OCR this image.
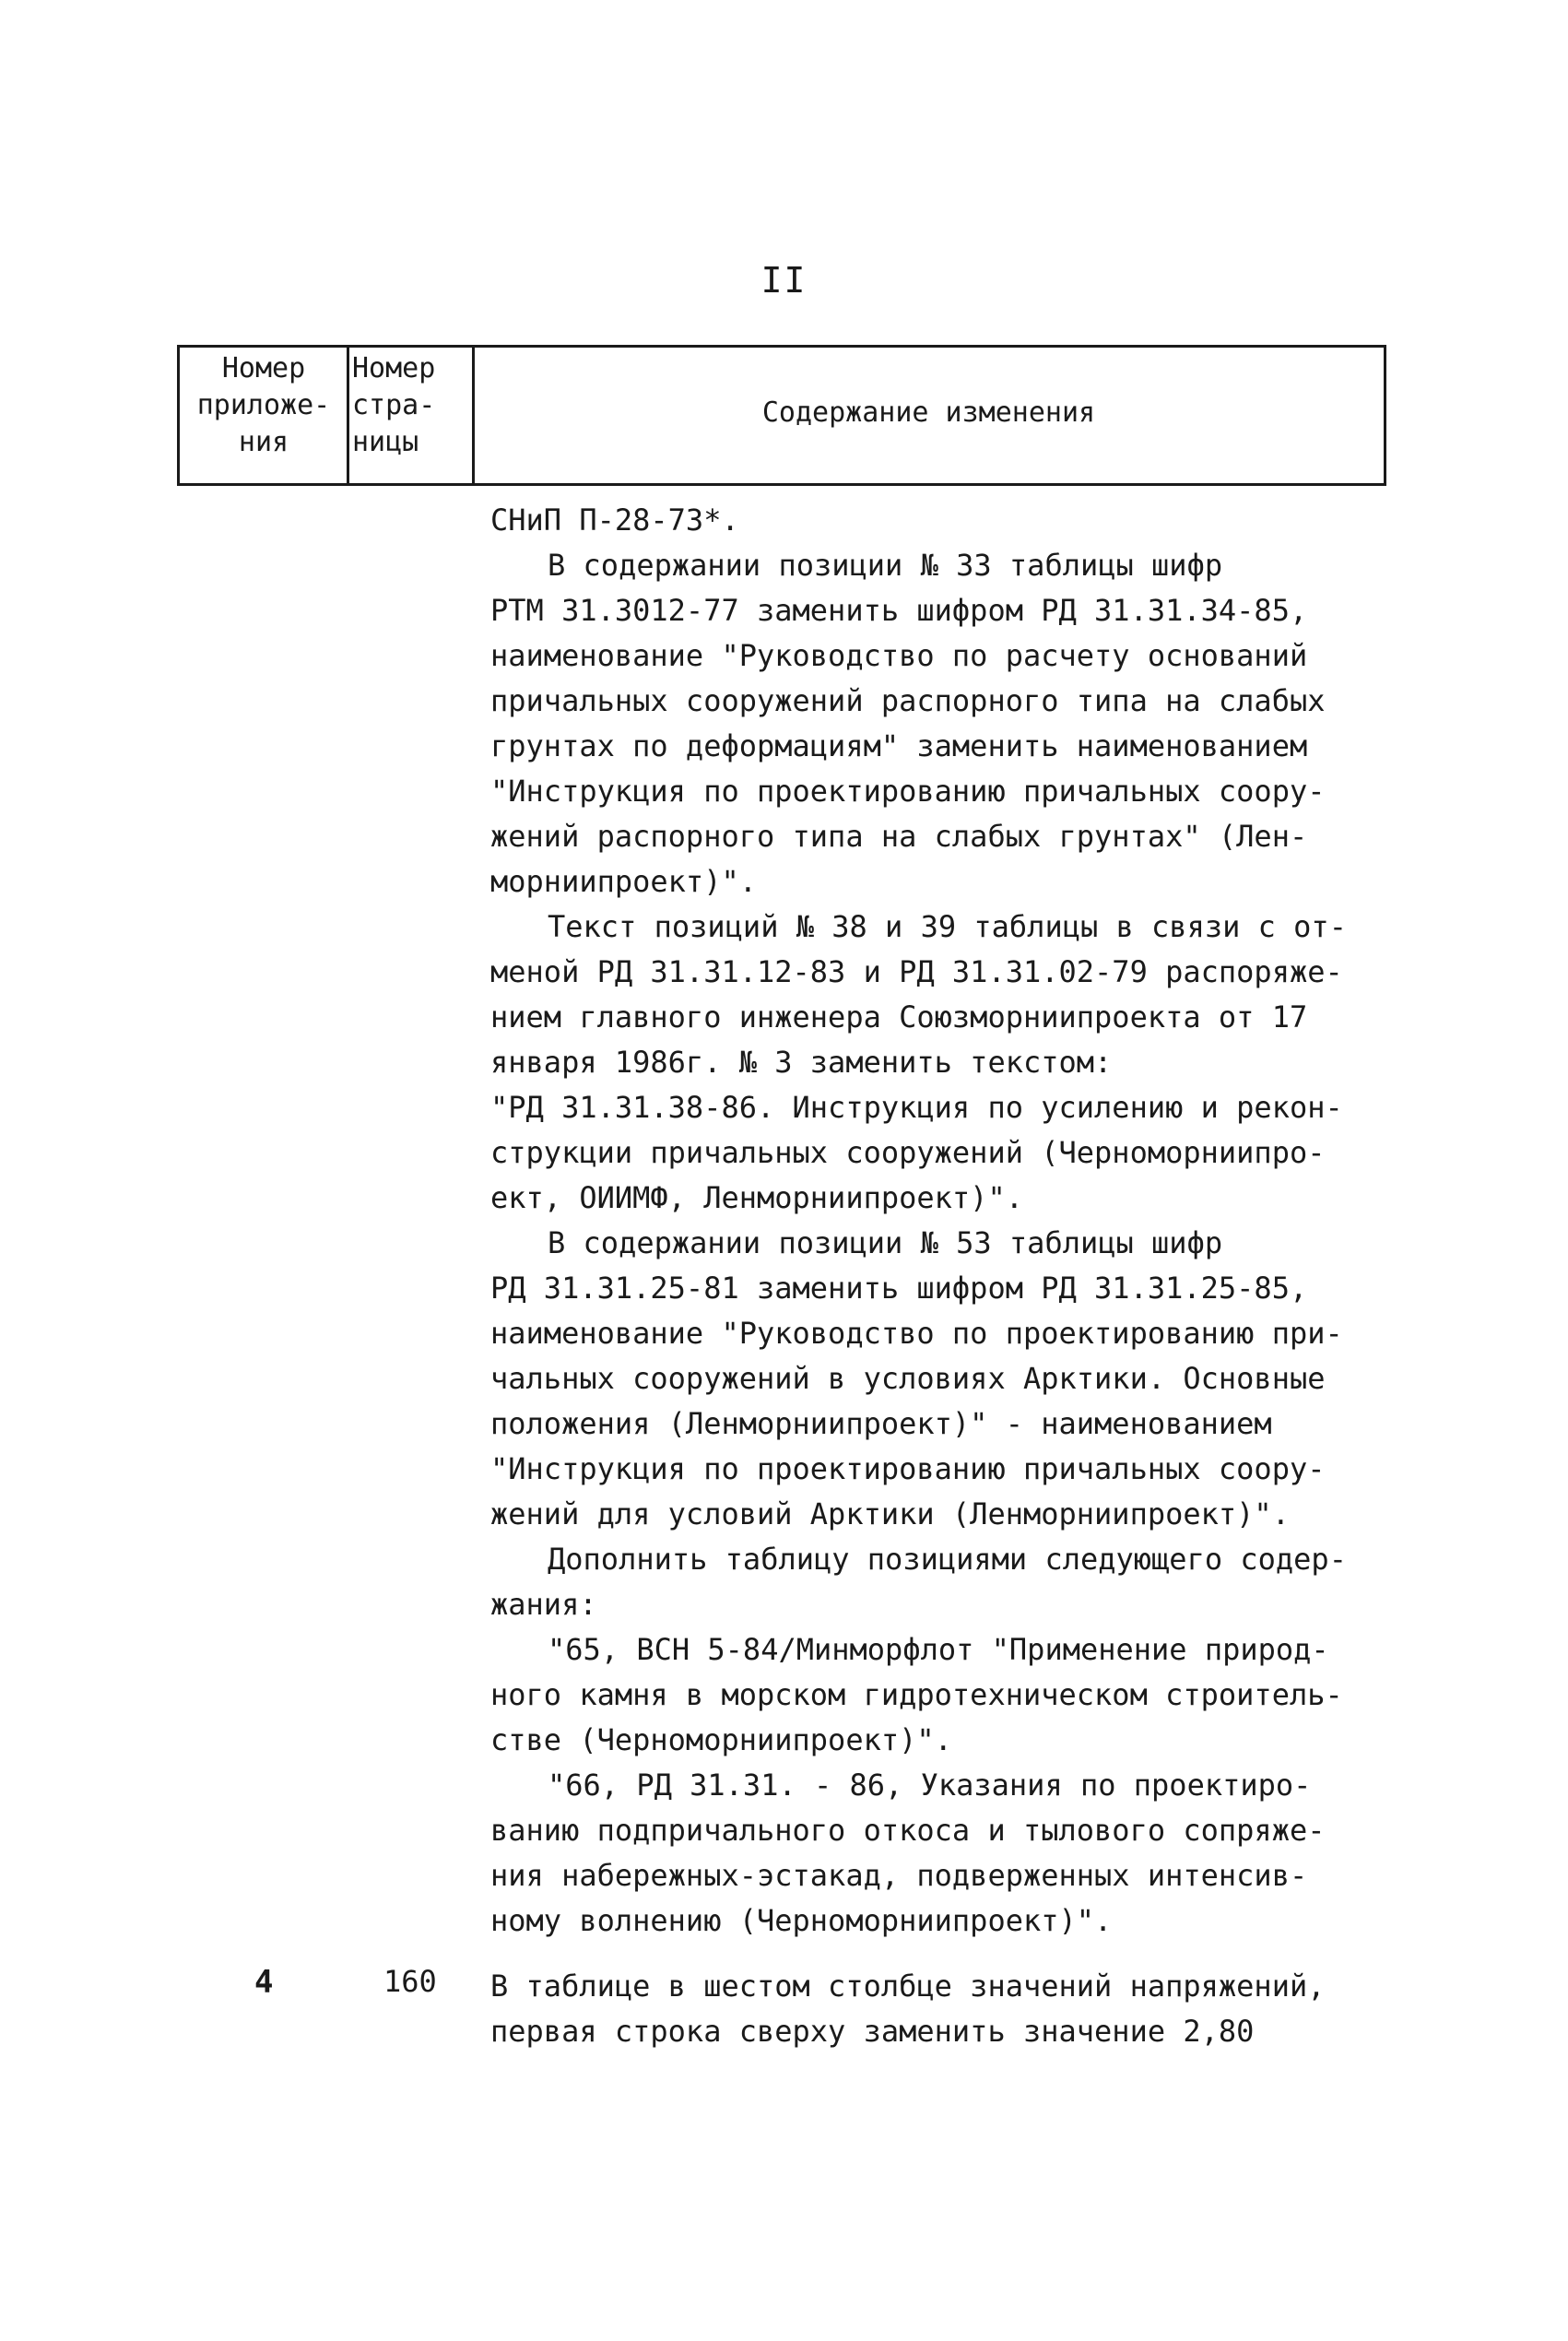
II
Номер
приложе-
ния
Номер
стра-
ницы
Содержание изменения

СНиП П-28-73*.

В содержании позиции № 33 таблицы шифр
РТМ 31.3012-77 заменить шифром РД 31.31.34-85,
наименование "Руководство по расчету оснований
причальных сооружений распорного типа на слабых
грунтах по деформациям" заменить наименованием
"Инструкция по проектированию причальных соору-
жений распорного типа на слабых грунтах" (Лен-
морниипроект)".

Текст позиций № 38 и 39 таблицы в связи с от-
меной РД 31.31.12-83 и РД 31.31.02-79 распоряже-
нием главного инженера Союзморниипроекта от 17
января 1986г. № 3 заменить текстом:
"РД 31.31.38-86. Инструкция по усилению и рекон-
струкции причальных сооружений (Черноморниипро-
ект, ОИИМФ, Ленморниипроект)".

В содержании позиции № 53 таблицы шифр
РД 31.31.25-81 заменить шифром РД 31.31.25-85,
наименование "Руководство по проектированию при-
чальных сооружений в условиях Арктики. Основные
положения (Ленморниипроект)" - наименованием
"Инструкция по проектированию причальных соору-
жений для условий Арктики (Ленморниипроект)".

Дополнить таблицу позициями следующего содер-
жания:

"65, ВСН 5-84/Минморфлот "Применение природ-
ного камня в морском гидротехническом строитель-
стве (Черноморниипроект)".

"66, РД 31.31. - 86, Указания по проектиро-
ванию подпричального откоса и тылового сопряже-
ния набережных-эстакад, подверженных интенсив-
ному волнению (Черноморниипроект)".

4	160 В таблице в шестом столбце значений напряжений,
первая строка сверху заменить значение 2,80
